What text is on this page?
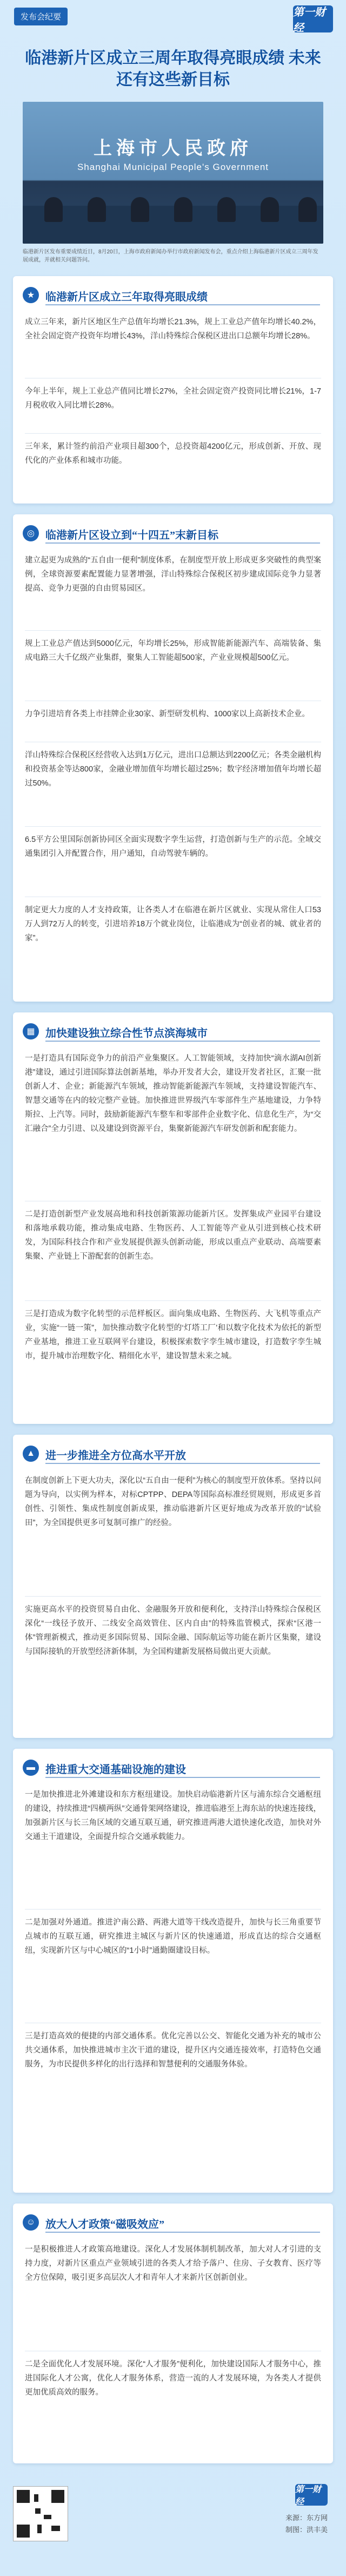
发布会纪要	第一财经
临港新片区成立三周年取得亮眼成绩 未来还有这些新目标
上海市人民政府
Shanghai Municipal People's Government
临港新片区发布重要成绩近日，8月20日，上海市政府新闻办举行市政府新闻发布会，重点介绍上海临港新片区成立三周年发展成就，并就相关问题答问。
★ 临港新片区成立三年取得亮眼成绩
成立三年来，新片区地区生产总值年均增长21.3%，规上工业总产值年均增长40.2%，全社会固定资产投资年均增长43%，洋山特殊综合保税区进出口总额年均增长28%。
今年上半年，规上工业总产值同比增长27%，全社会固定资产投资同比增长21%，1-7月税收收入同比增长28%。
三年来，累计签约前沿产业项目超300个，总投资超4200亿元，形成创新、开放、现代化的产业体系和城市功能。
◎	临港新片区设立到“十四五”末新目标
建立起更为成熟的“五自由一便利”制度体系，在制度型开放上形成更多突破性的典型案例，全球资源要素配置能力显著增强，洋山特殊综合保税区初步建成国际竞争力显著提高、竞争力更强的自由贸易园区。
规上工业总产值达到5000亿元，年均增长25%，形成智能新能源汽车、高端装备、集成电路三大千亿级产业集群，聚集人工智能超500家，产业业规模超500亿元。
力争引进培育各类上市挂牌企业30家、新型研发机构、1000家以上高新技术企业。
洋山特殊综合保税区经营收入达到1万亿元，进出口总额达到2200亿元；各类金融机构和投资基金等达800家，金融业增加值年均增长超过25%；数字经济增加值年均增长超过50%。
6.5平方公里国际创新协同区全面实现数字孪生运营，打造创新与生产的示范。全域交通集团引入并配置合作，用户通知，自动驾驶车辆的。
制定更大力度的人才支持政策，让各类人才在临港在新片区就业、实现从常住人口53万人到72万人的转变，引进培养18万个就业岗位，让临港成为“创业者的城、就业者的家”。
▦ 加快建设独立综合性节点滨海城市
一是打造具有国际竞争力的前沿产业集聚区。人工智能领域，支持加快“滴水湖AI创新港”建设，通过引进国际算法创新基地，举办开发者大会，建设开发者社区，汇聚一批创新人才、企业；新能源汽车领域，推动智能新能源汽车领域，支持建设智能汽车、智慧交通等在内的较完整产业链。加快推进世界级汽车零部件生产基地建设，力争特斯拉、上汽等。同时，鼓励新能源汽车整车和零部件企业数字化、信息化生产，为“交汇融合”全力引进、以及建设到资源平台，集聚新能源汽车研发创新和配套能力。
二是打造创新型产业发展高地和科技创新策源功能新片区。发挥集成产业园平台建设和落地承载功能，推动集成电路、生物医药、人工智能等产业从引进到核心技术研发，为国际科技合作和产业发展提供源头创新动能，形成以重点产业联动、高端要素集聚、产业链上下游配套的创新生态。
三是打造成为数字化转型的示范样板区。面向集成电路、生物医药、大飞机等重点产业，实施“一链一策”，加快推动数字化转型的‘灯塔工厂’和以数字化技术为依托的新型产业基地，推进工业互联网平台建设，积极探索数字孪生城市建设，打造数字孪生城市，提升城市治理数字化、精细化水平，建设智慧未来之城。
▲ 进一步推进全方位高水平开放
在制度创新上下更大功夫，深化以“五自由一便利”为核心的制度型开放体系。坚持以问题为导向，以实例为样本，对标CPTPP、DEPA等国际高标准经贸规则，形成更多首创性、引领性、集成性制度创新成果，推动临港新片区更好地成为改革开放的“试验田”，为全国提供更多可复制可推广的经验。
实施更高水平的投资贸易自由化、金融服务开放和便利化，支持洋山特殊综合保税区深化“一线径予放开、二线安全高效管住、区内自由”的特殊监管模式，探索“区港一体”管理新模式，推动更多国际贸易、国际金融、国际航运等功能在新片区集聚，建设与国际接轨的开放型经济新体制，为全国构建新发展格局做出更大贡献。
▬ 推进重大交通基础设施的建设
一是加快推进北外滩建设和东方枢纽建设。加快启动临港新片区与浦东综合交通枢纽的建设，持续推进“四横两纵”交通骨架网络建设，推进临港至上海东站的快速连接线，加强新片区与长三角区域的交通互联互通，研究推进两港大道快速化改造，加快对外交通主干道建设，全面提升综合交通承载能力。
二是加强对外通道。推进沪南公路、两港大道等干线改造提升，加快与长三角重要节点城市的互联互通，研究推进主城区与新片区的快速通道，形成直达的综合交通枢纽，实现新片区与中心城区的“1小时”通勤圈建设目标。
三是打造高效的便捷的内部交通体系。优化完善以公交、智能化交通为补充的城市公共交通体系，加快推进城市主次干道的建设，提升区内交通连接效率，打造特色交通服务，为市民提供多样化的出行选择和智慧便利的交通服务体验。
☺ 放大人才政策“磁吸效应”
一是积极推进人才政策高地建设。深化人才发展体制机制改革，加大对人才引进的支持力度，对新片区重点产业领域引进的各类人才给予落户、住房、子女教育、医疗等全方位保障，吸引更多高层次人才和青年人才来新片区创新创业。
二是全面优化人才发展环境。深化“人才服务”便利化，加快建设国际人才服务中心，推进国际化人才公寓，优化人才服务体系，营造一流的人才发展环境，为各类人才提供更加优质高效的服务。
第一财经
来源：东方网
制图：洪丰美
